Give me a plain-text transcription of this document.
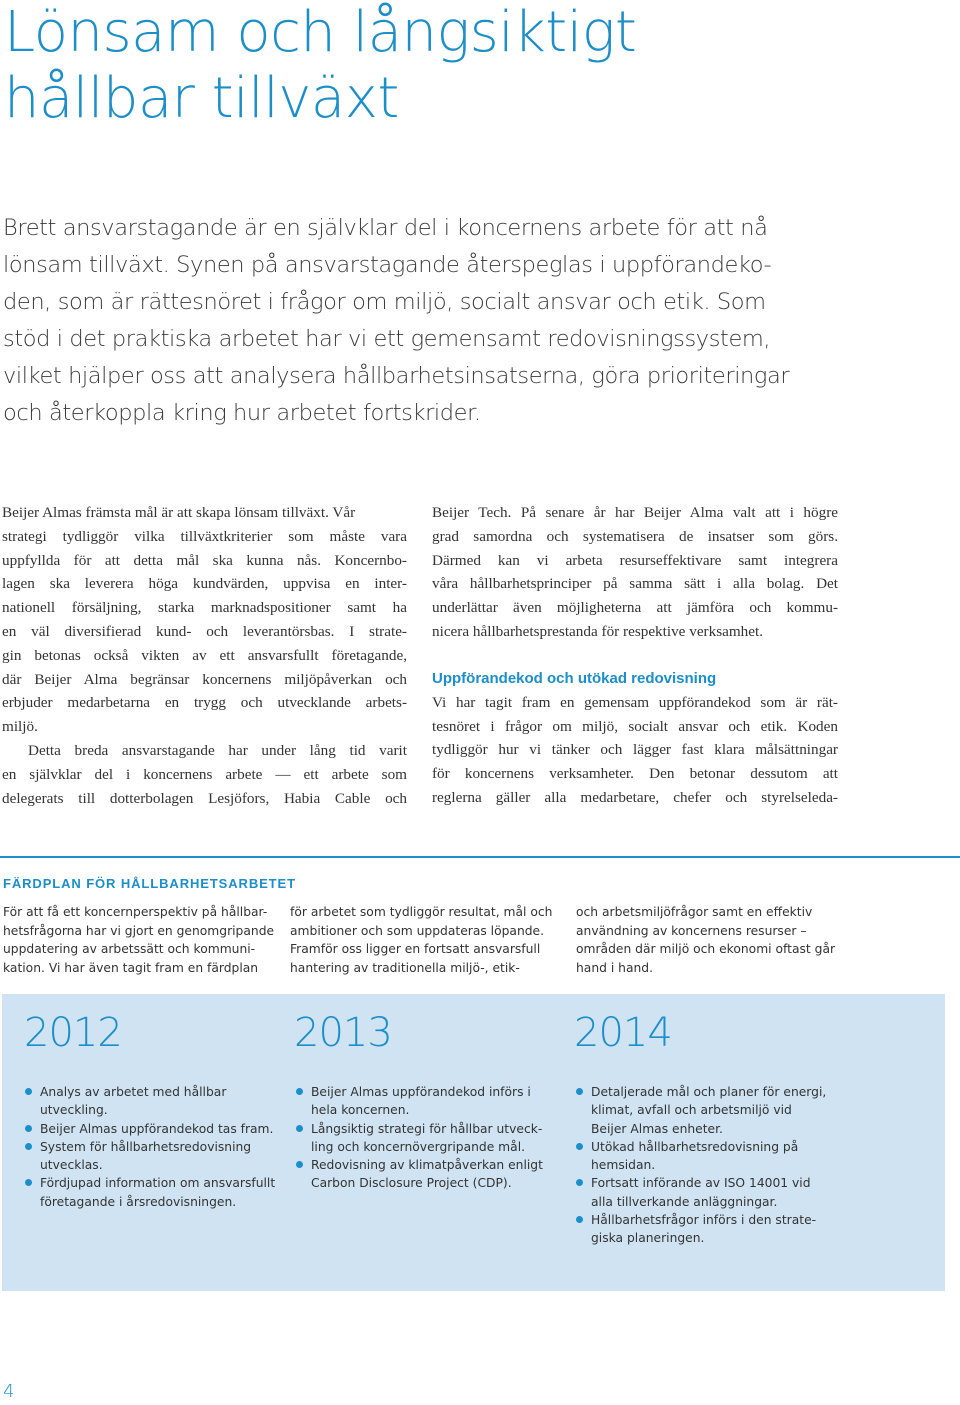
Lönsam och långsiktigt
hållbar tillväxt

Brett ansvarstagande är en självklar del i koncernens arbete för att nå
lönsam tillväxt. Synen på ansvarstagande återspeglas i uppförandeko-
den, som är rättesnöret i frågor om miljö, socialt ansvar och etik. Som
stöd i det praktiska arbetet har vi ett gemensamt redovisningssystem,
vilket hjälper oss att analysera hållbarhetsinsatserna, göra prioriteringar
och återkoppla kring hur arbetet fortskrider.

Beijer Almas främsta mål är att skapa lönsam tillväxt. Vår
strategi tydliggör vilka tillväxtkriterier som måste vara
uppfyllda för att detta mål ska kunna nås. Koncernbo-
lagen ska leverera höga kundvärden, uppvisa en inter-
nationell försäljning, starka marknadspositioner samt ha
en väl diversifierad kund- och leverantörsbas. I strate-
gin betonas också vikten av ett ansvarsfullt företagande,
där Beijer Alma begränsar koncernens miljöpåverkan och
erbjuder medarbetarna en trygg och utvecklande arbets-
miljö.
Detta breda ansvarstagande har under lång tid varit
en självklar del i koncernens arbete — ett arbete som
delegerats till dotterbolagen Lesjöfors, Habia Cable och
Beijer Tech. På senare år har Beijer Alma valt att i högre
grad samordna och systematisera de insatser som görs.
Därmed kan vi arbeta resurseffektivare samt integrera
våra hållbarhetsprinciper på samma sätt i alla bolag. Det
underlättar även möjligheterna att jämföra och kommu-
nicera hållbarhetsprestanda för respektive verksamhet.
Uppförandekod och utökad redovisning
Vi har tagit fram en gemensam uppförandekod som är rät-
tesnöret i frågor om miljö, socialt ansvar och etik. Koden
tydliggör hur vi tänker och lägger fast klara målsättningar
för koncernens verksamheter. Den betonar dessutom att
reglerna gäller alla medarbetare, chefer och styrelseleda-
FÄRDPLAN FÖR HÅLLBARHETSARBETET
För att få ett koncernperspektiv på hållbar-
hetsfrågorna har vi gjort en genomgripande
uppdatering av arbetssätt och kommuni-
kation. Vi har även tagit fram en färdplan
för arbetet som tydliggör resultat, mål och
ambitioner och som uppdateras löpande.
Framför oss ligger en fortsatt ansvarsfull
hantering av traditionella miljö-, etik-
och arbetsmiljöfrågor samt en effektiv
användning av koncernens resurser –
områden där miljö och ekonomi oftast går
hand i hand.
2012	2013	2014
Analys av arbetet med hållbar
utveckling.
Beijer Almas uppförandekod tas fram.
System för hållbarhetsredovisning
utvecklas.
Fördjupad information om ansvarsfullt
företagande i årsredovisningen.
Beijer Almas uppförandekod införs i
hela koncernen.
Långsiktig strategi för hållbar utveck-
ling och koncernövergripande mål.
Redovisning av klimatpåverkan enligt
Carbon Disclosure Project (CDP).
Detaljerade mål och planer för energi,
klimat, avfall och arbetsmiljö vid
Beijer Almas enheter.
Utökad hållbarhetsredovisning på
hemsidan.
Fortsatt införande av ISO 14001 vid
alla tillverkande anläggningar.
Hållbarhetsfrågor införs i den strate-
giska planeringen.
4
